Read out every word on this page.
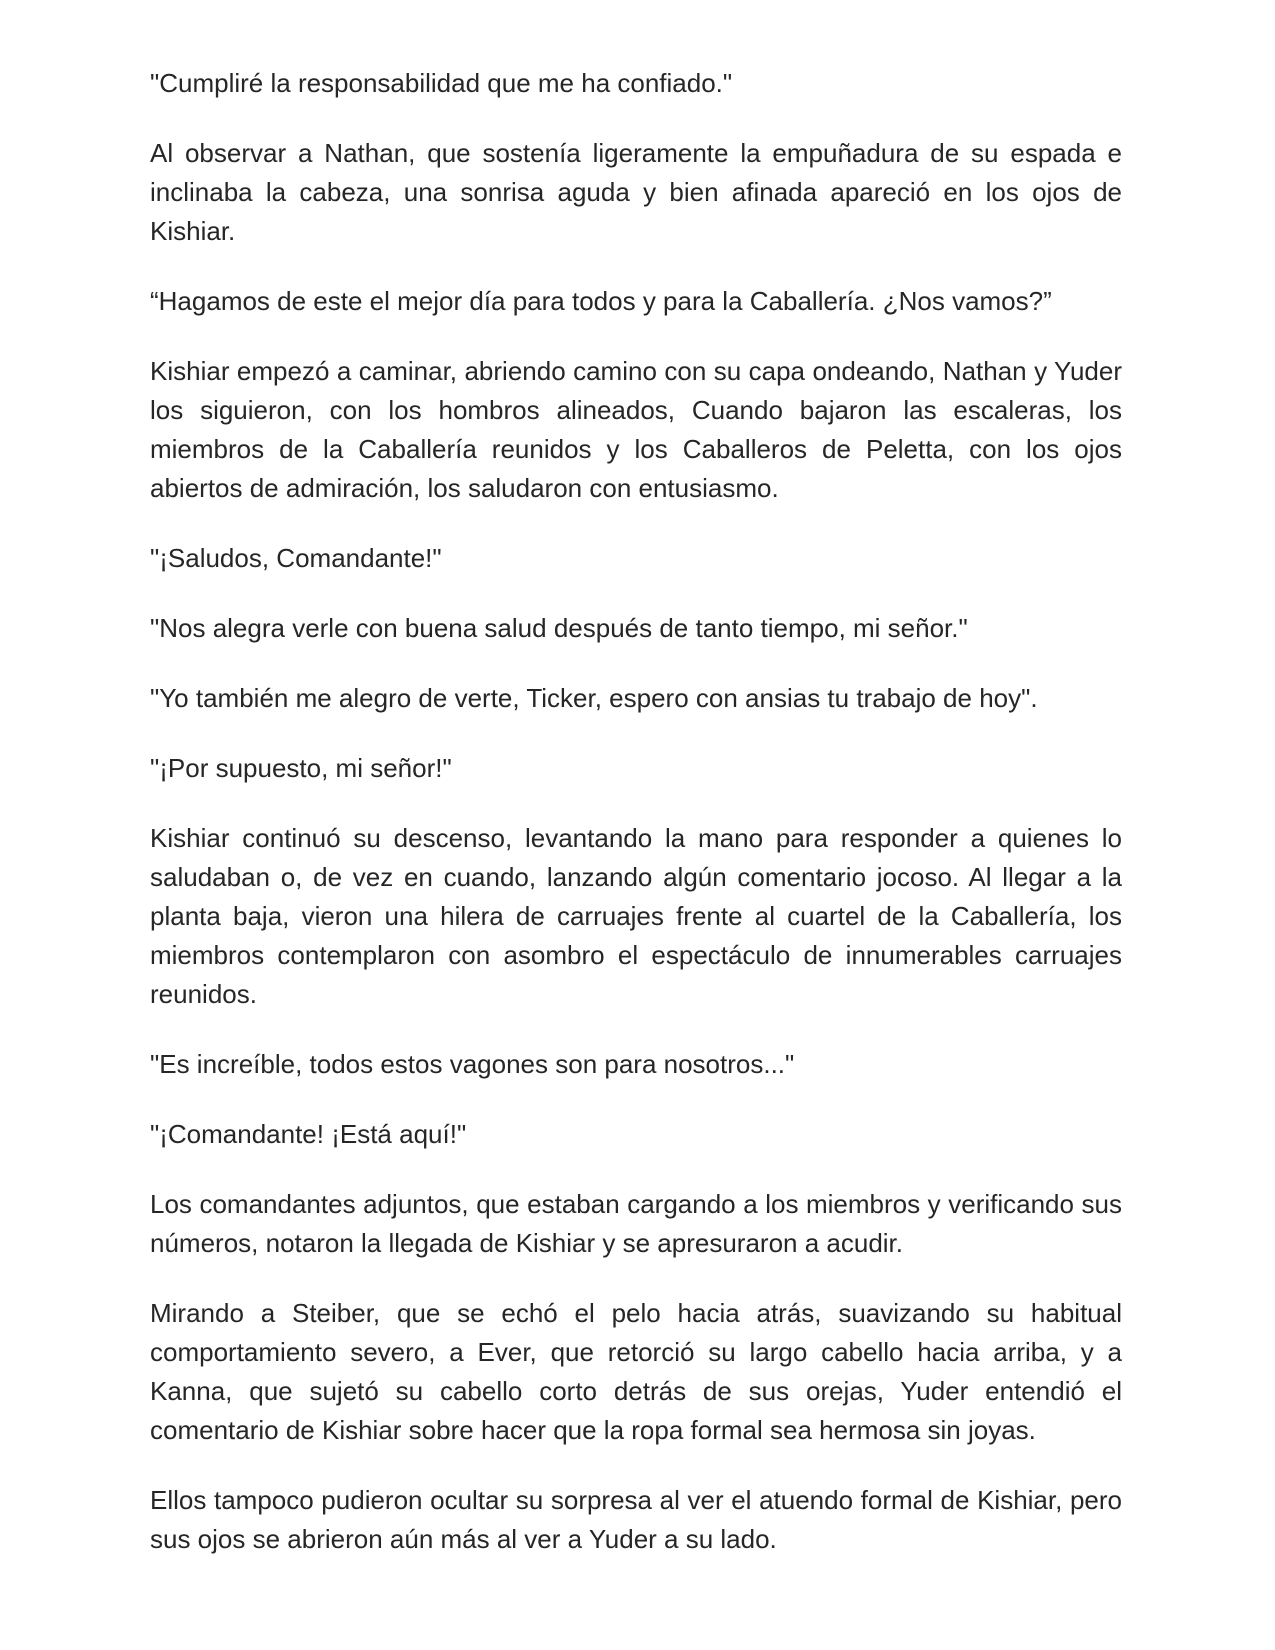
"Cumpliré la responsabilidad que me ha confiado."

Al observar a Nathan, que sostenía ligeramente la empuñadura de su espada e inclinaba la cabeza, una sonrisa aguda y bien afinada apareció en los ojos de Kishiar.

“Hagamos de este el mejor día para todos y para la Caballería. ¿Nos vamos?”

Kishiar empezó a caminar, abriendo camino con su capa ondeando, Nathan y Yuder los siguieron, con los hombros alineados, Cuando bajaron las escaleras, los miembros de la Caballería reunidos y los Caballeros de Peletta, con los ojos abiertos de admiración, los saludaron con entusiasmo.

"¡Saludos, Comandante!"

"Nos alegra verle con buena salud después de tanto tiempo, mi señor."

"Yo también me alegro de verte, Ticker, espero con ansias tu trabajo de hoy".

"¡Por supuesto, mi señor!"

Kishiar continuó su descenso, levantando la mano para responder a quienes lo saludaban o, de vez en cuando, lanzando algún comentario jocoso. Al llegar a la planta baja, vieron una hilera de carruajes frente al cuartel de la Caballería, los miembros contemplaron con asombro el espectáculo de innumerables carruajes reunidos.

"Es increíble, todos estos vagones son para nosotros..."

"¡Comandante! ¡Está aquí!"

Los comandantes adjuntos, que estaban cargando a los miembros y verificando sus números, notaron la llegada de Kishiar y se apresuraron a acudir.

Mirando a Steiber, que se echó el pelo hacia atrás, suavizando su habitual comportamiento severo, a Ever, que retorció su largo cabello hacia arriba, y a Kanna, que sujetó su cabello corto detrás de sus orejas, Yuder entendió el comentario de Kishiar sobre hacer que la ropa formal sea hermosa sin joyas.

Ellos tampoco pudieron ocultar su sorpresa al ver el atuendo formal de Kishiar, pero sus ojos se abrieron aún más al ver a Yuder a su lado.
